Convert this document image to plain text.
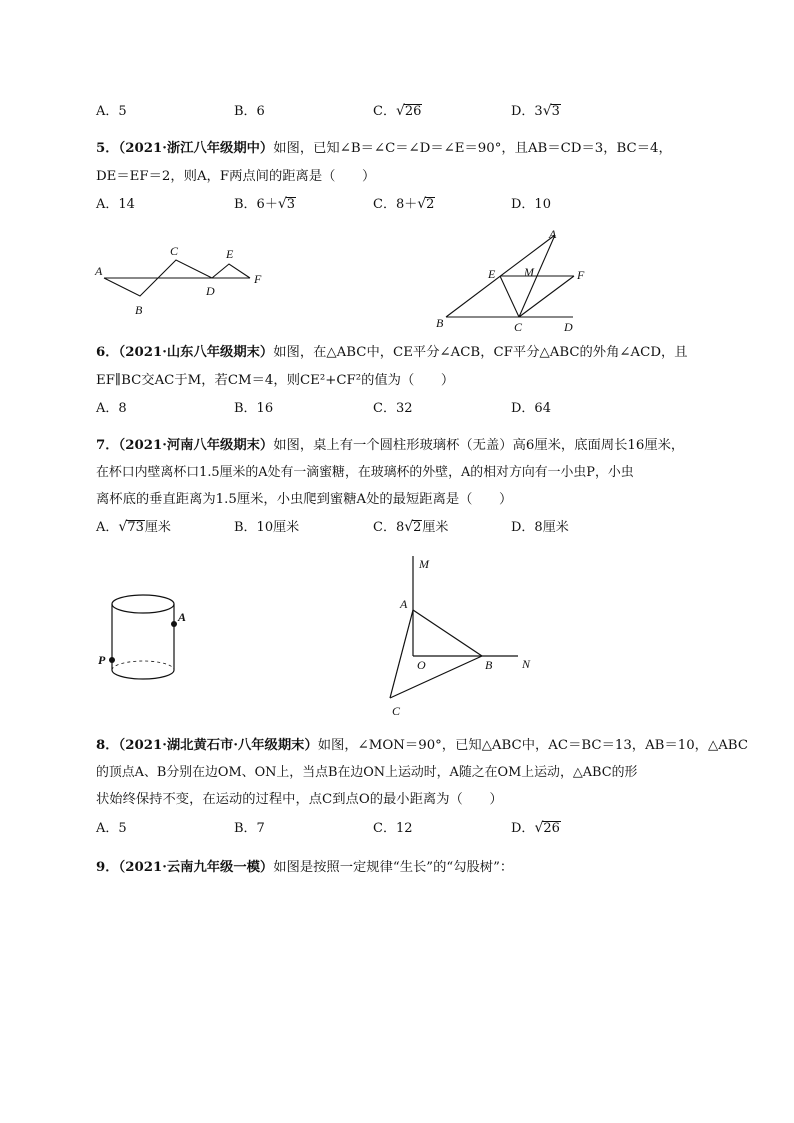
A．5	B．6	C．√26	D．3√3
5．（2021·浙江八年级期中）如图，已知∠B＝∠C＝∠D＝∠E＝90°，且AB＝CD＝3，BC＝4，
DE＝EF＝2，则A，F两点间的距离是（　　）
A．14	B．6＋√3	C．8＋√2	D．10
A
B
C
D
E
F
A
E M	F
B	C	D
6．（2021·山东八年级期末）如图，在△ABC中，CE平分∠ACB，CF平分△ABC的外角∠ACD，且
EF∥BC交AC于M，若CM＝4，则CE²+CF²的值为（　　）
A．8	B．16	C．32	D．64
7．（2021·河南八年级期末）如图，桌上有一个圆柱形玻璃杯（无盖）高6厘米，底面周长16厘米，
在杯口内壁离杯口1.5厘米的A处有一滴蜜糖，在玻璃杯的外壁，A的相对方向有一小虫P，小虫
离杯底的垂直距离为1.5厘米，小虫爬到蜜糖A处的最短距离是（　　）
A．√73厘米	B．10厘米	C．8√2厘米	D．8厘米
A
P
M
A
O	B N
C
8．（2021·湖北黄石市·八年级期末）如图，∠MON＝90°，已知△ABC中，AC＝BC＝13，AB＝10，△ABC
的顶点A、B分别在边OM、ON上，当点B在边ON上运动时，A随之在OM上运动，△ABC的形
状始终保持不变，在运动的过程中，点C到点O的最小距离为（　　）
A．5	B．7	C．12	D．√26
9．（2021·云南九年级一模）如图是按照一定规律“生长”的“勾股树”：
